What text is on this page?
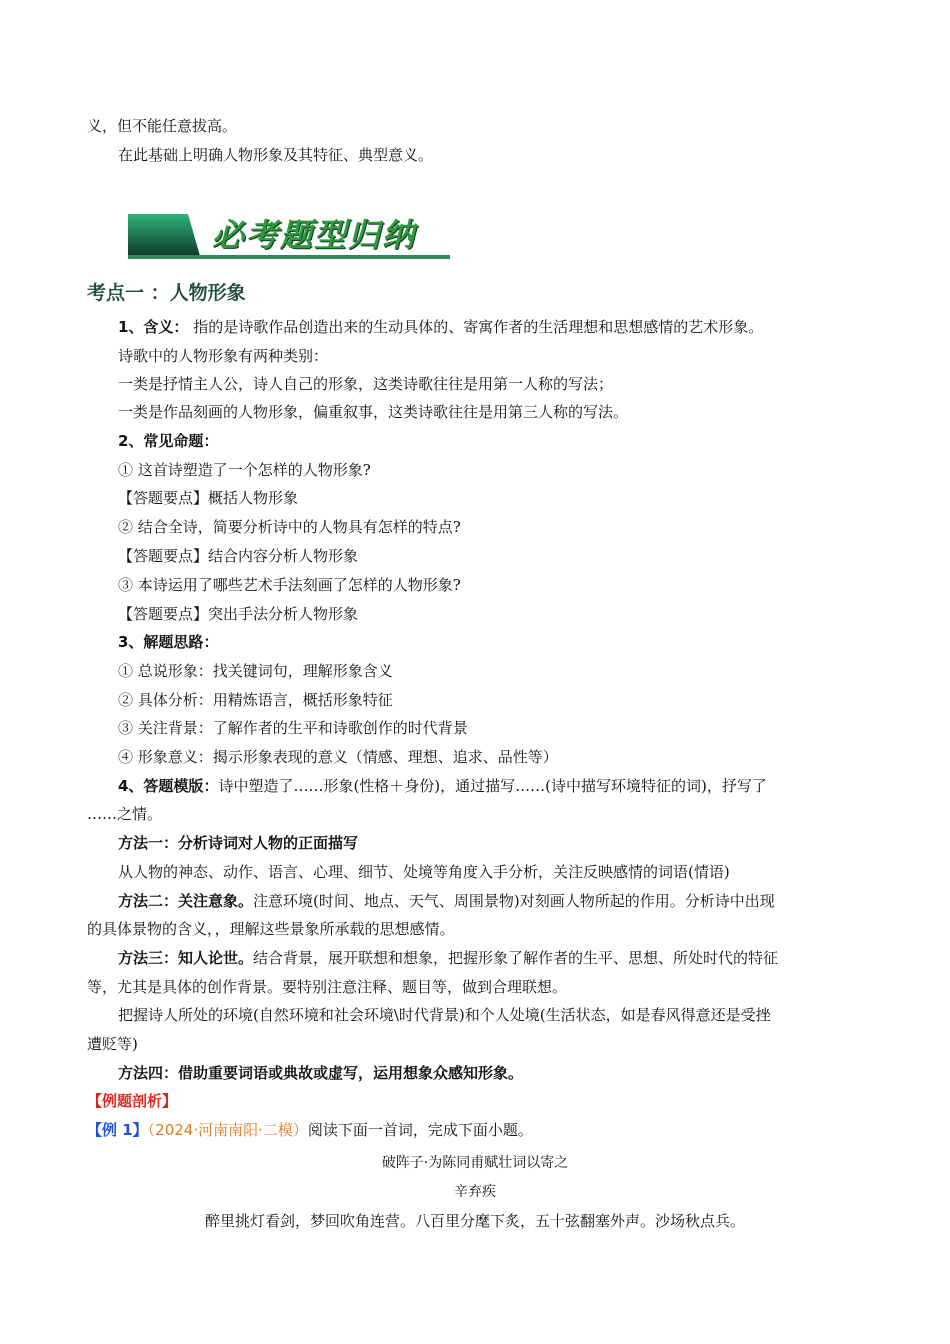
义，但不能任意拔高。
在此基础上明确人物形象及其特征、典型意义。
必考题型归纳
考点一 ：人物形象
1、含义： 指的是诗歌作品创造出来的生动具体的、寄寓作者的生活理想和思想感情的艺术形象。
诗歌中的人物形象有两种类别：
一类是抒情主人公，诗人自己的形象，这类诗歌往往是用第一人称的写法；
一类是作品刻画的人物形象，偏重叙事，这类诗歌往往是用第三人称的写法。
2、常见命题：
① 这首诗塑造了一个怎样的人物形象?
【答题要点】概括人物形象
② 结合全诗，简要分析诗中的人物具有怎样的特点?
【答题要点】结合内容分析人物形象
③ 本诗运用了哪些艺术手法刻画了怎样的人物形象?
【答题要点】突出手法分析人物形象
3、解题思路：
① 总说形象：找关键词句，理解形象含义
② 具体分析：用精炼语言，概括形象特征
③ 关注背景：了解作者的生平和诗歌创作的时代背景
④ 形象意义：揭示形象表现的意义（情感、理想、追求、品性等）
4、答题模版：诗中塑造了……形象(性格＋身份)，通过描写……(诗中描写环境特征的词)，抒写了
……之情。
方法一：分析诗词对人物的正面描写
从人物的神态、动作、语言、心理、细节、处境等角度入手分析，关注反映感情的词语(情语)
方法二：关注意象。注意环境(时间、地点、天气、周围景物)对刻画人物所起的作用。分析诗中出现
的具体景物的含义，，理解这些景象所承载的思想感情。
方法三：知人论世。结合背景，展开联想和想象，把握形象了解作者的生平、思想、所处时代的特征
等，尤其是具体的创作背景。要特别注意注释、题目等，做到合理联想。
把握诗人所处的环境(自然环境和社会环境\时代背景)和个人处境(生活状态，如是春风得意还是受挫
遭贬等)
方法四：借助重要词语或典故或虚写，运用想象众感知形象。
【例题剖析】
【例 1】（2024·河南南阳·二模）阅读下面一首词，完成下面小题。
破阵子·为陈同甫赋壮词以寄之
辛弃疾
醉里挑灯看剑，梦回吹角连营。八百里分麾下炙，五十弦翻塞外声。沙场秋点兵。
